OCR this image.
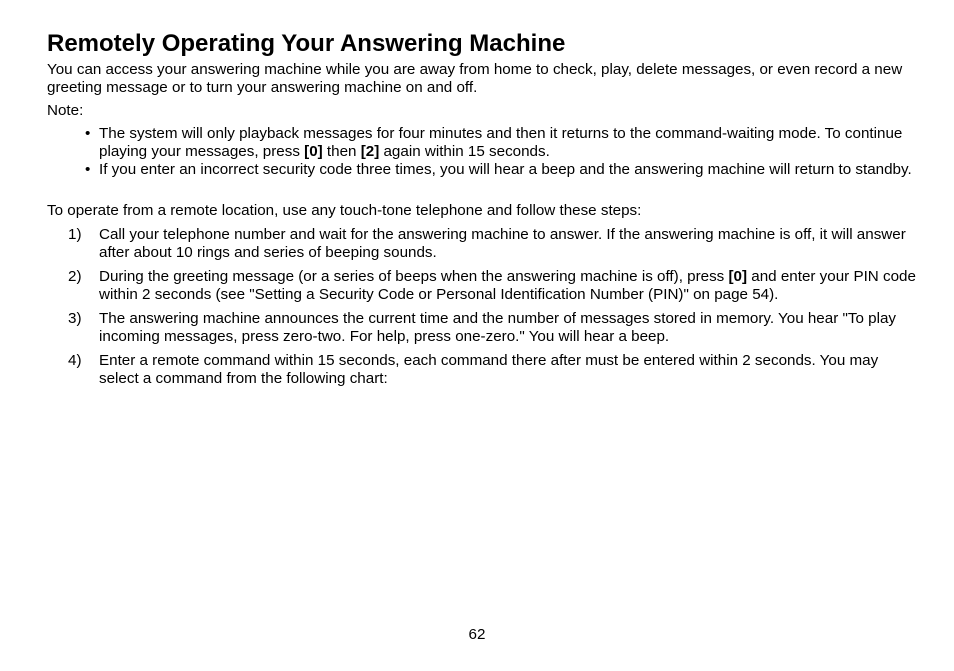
Remotely Operating Your Answering Machine

You can access your answering machine while you are away from home to check, play, delete messages, or even record a new greeting message or to turn your answering machine on and off.

Note:

• The system will only playback messages for four minutes and then it returns to the command-waiting mode. To continue playing your messages, press [0] then [2] again within 15 seconds.
• If you enter an incorrect security code three times, you will hear a beep and the answering machine will return to standby.

To operate from a remote location, use any touch-tone telephone and follow these steps:

1) Call your telephone number and wait for the answering machine to answer. If the answering machine is off, it will answer after about 10 rings and series of beeping sounds.
2) During the greeting message (or a series of beeps when the answering machine is off), press [0] and enter your PIN code within 2 seconds (see "Setting a Security Code or Personal Identification Number (PIN)" on page 54).
3) The answering machine announces the current time and the number of messages stored in memory. You hear "To play incoming messages, press zero-two. For help, press one-zero." You will hear a beep.
4) Enter a remote command within 15 seconds, each command there after must be entered within 2 seconds. You may select a command from the following chart:
62
